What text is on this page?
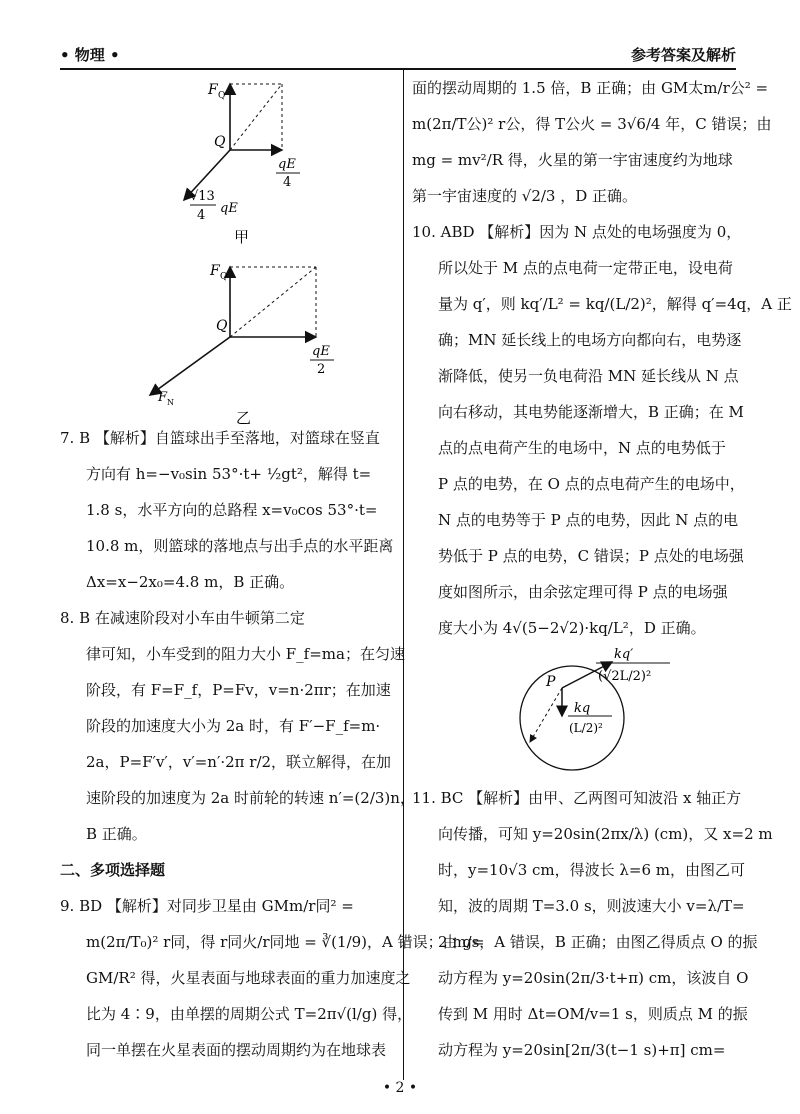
• 物理 •	参考答案及解析
F Q
Q
qE
4
√13
4 qE
甲
F Q
Q
qE
2
F N
乙

7. B 【解析】自篮球出手至落地，对篮球在竖直

方向有 h=−v₀sin 53°·t+ ½gt²，解得 t=

1.8 s，水平方向的总路程 x=v₀cos 53°·t=

10.8 m，则篮球的落地点与出手点的水平距离

Δx=x−2x₀=4.8 m，B 正确。

8. B 在减速阶段对小车由牛顿第二定

律可知，小车受到的阻力大小 F_f=ma；在匀速

阶段，有 F=F_f，P=Fv，v=n·2πr；在加速

阶段的加速度大小为 2a 时，有 F′−F_f=m·

2a，P=F′v′，v′=n′·2π r/2，联立解得，在加

速阶段的加速度为 2a 时前轮的转速 n′=(2/3)n，

B 正确。

二、多项选择题

9. BD 【解析】对同步卫星由 GMm/r同² =

m(2π/T₀)² r同，得 r同火/r同地 = ∛(1/9)，A 错误；由 g=

GM/R² 得，火星表面与地球表面的重力加速度之

比为 4∶9，由单摆的周期公式 T=2π√(l/g) 得，

同一单摆在火星表面的摆动周期约为在地球表

面的摆动周期的 1.5 倍，B 正确；由 GM太m/r公² =

m(2π/T公)² r公，得 T公火 = 3√6/4 年，C 错误；由

mg = mv²/R 得，火星的第一宇宙速度约为地球

第一宇宙速度的 √2/3 ，D 正确。

10. ABD 【解析】因为 N 点处的电场强度为 0，

所以处于 M 点的点电荷一定带正电，设电荷

量为 q′，则 kq′/L² = kq/(L/2)²，解得 q′=4q，A 正

确；MN 延长线上的电场方向都向右，电势逐

渐降低，使另一负电荷沿 MN 延长线从 N 点

向右移动，其电势能逐渐增大，B 正确；在 M

点的点电荷产生的电场中，N 点的电势低于

P 点的电势，在 O 点的点电荷产生的电场中，

N 点的电势等于 P 点的电势，因此 N 点的电

势低于 P 点的电势，C 错误；P 点处的电场强

度如图所示，由余弦定理可得 P 点的电场强

度大小为 4√(5−2√2)·kq/L²，D 正确。

P
kq′
(√2L/2)²
kq
(L/2)²

11. BC 【解析】由甲、乙两图可知波沿 x 轴正方

向传播，可知 y=20sin(2πx/λ) (cm)，又 x=2 m

时，y=10√3 cm，得波长 λ=6 m，由图乙可

知，波的周期 T=3.0 s，则波速大小 v=λ/T=

2 m/s，A 错误，B 正确；由图乙得质点 O 的振

动方程为 y=20sin(2π/3·t+π) cm，该波自 O

传到 M 用时 Δt=OM/v=1 s，则质点 M 的振

动方程为 y=20sin[2π/3(t−1 s)+π] cm=

• 2 •
